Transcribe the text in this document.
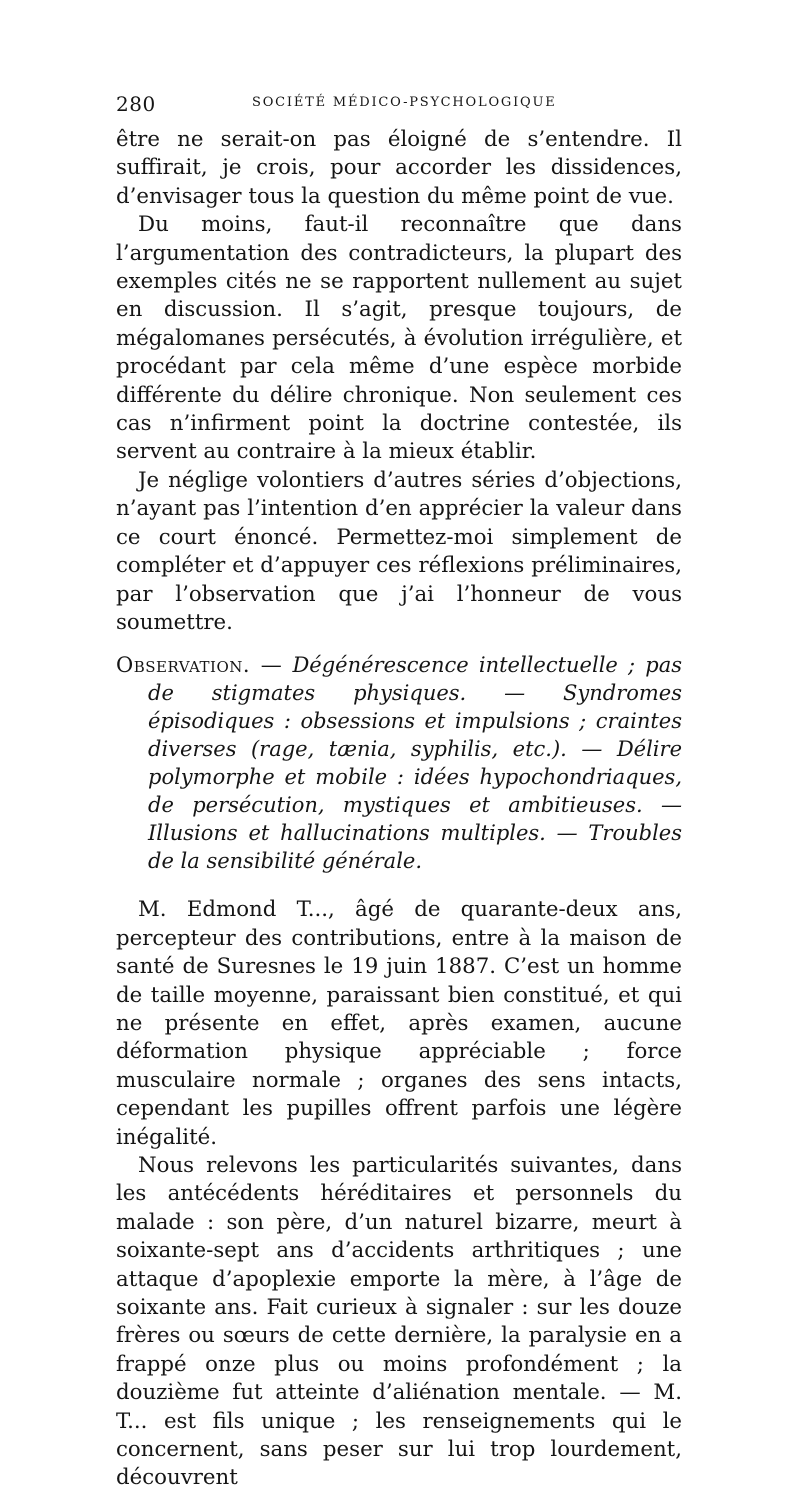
280	SOCIÉTÉ MÉDICO-PSYCHOLOGIQUE

être ne serait-on pas éloigné de s’entendre. Il suffirait, je crois, pour accorder les dissidences, d’envisager tous la question du même point de vue.

Du moins, faut-il reconnaître que dans l’argumentation des contradicteurs, la plupart des exemples cités ne se rapportent nullement au sujet en discussion. Il s’agit, presque toujours, de mégalomanes persécutés, à évolution irrégulière, et procédant par cela même d’une espèce morbide différente du délire chronique. Non seulement ces cas n’infirment point la doctrine contestée, ils servent au contraire à la mieux établir.

Je néglige volontiers d’autres séries d’objections, n’ayant pas l’intention d’en apprécier la valeur dans ce court énoncé. Permettez-moi simplement de compléter et d’appuyer ces réflexions préliminaires, par l’observation que j’ai l’honneur de vous soumettre.

Observation. — Dégénérescence intellectuelle ; pas de stigmates physiques. — Syndromes épisodiques : obsessions et impulsions ; craintes diverses (rage, tænia, syphilis, etc.). — Délire polymorphe et mobile : idées hypochondriaques, de persécution, mystiques et ambitieuses. — Illusions et hallucinations multiples. — Troubles de la sensibilité générale.

M. Edmond T..., âgé de quarante-deux ans, percepteur des contributions, entre à la maison de santé de Suresnes le 19 juin 1887. C’est un homme de taille moyenne, paraissant bien constitué, et qui ne présente en effet, après examen, aucune déformation physique appréciable ; force musculaire normale ; organes des sens intacts, cependant les pupilles offrent parfois une légère inégalité.

Nous relevons les particularités suivantes, dans les antécédents héréditaires et personnels du malade : son père, d’un naturel bizarre, meurt à soixante-sept ans d’accidents arthritiques ; une attaque d’apoplexie emporte la mère, à l’âge de soixante ans. Fait curieux à signaler : sur les douze frères ou sœurs de cette dernière, la paralysie en a frappé onze plus ou moins profondément ; la douzième fut atteinte d’aliénation mentale. — M. T... est fils unique ; les renseignements qui le concernent, sans peser sur lui trop lourdement, découvrent
